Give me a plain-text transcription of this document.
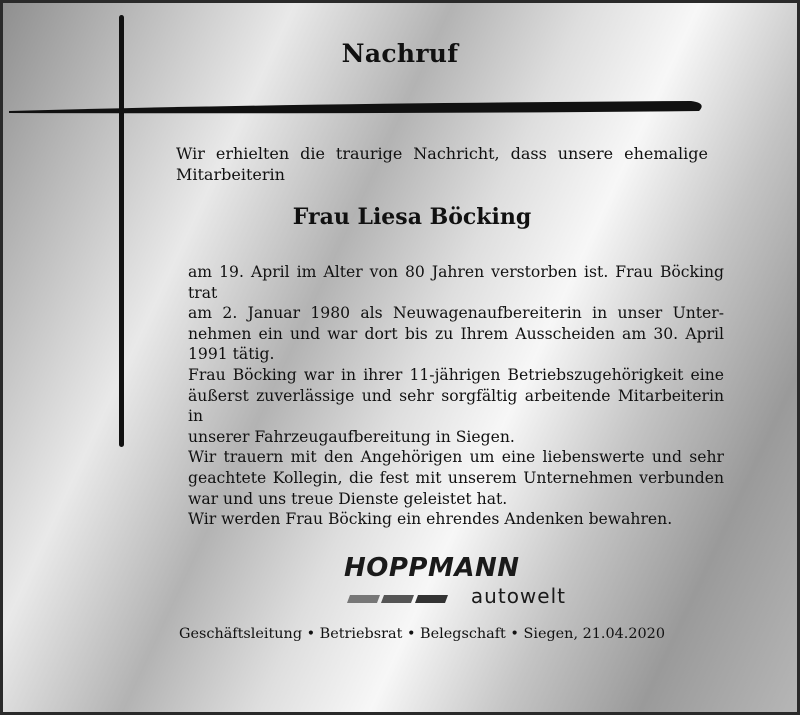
Nachruf
Wir erhielten die traurige Nachricht, dass unsere ehemalige
Mitarbeiterin
Frau Liesa Böcking
am 19. April im Alter von 80 Jahren verstorben ist. Frau Böcking trat
am 2. Januar 1980 als Neuwagenaufbereiterin in unser Unter-
nehmen ein und war dort bis zu Ihrem Ausscheiden am 30. April
1991 tätig.
Frau Böcking war in ihrer 11-jährigen Betriebszugehörigkeit eine
äußerst zuverlässige und sehr sorgfältig arbeitende Mitarbeiterin in
unserer Fahrzeugaufbereitung in Siegen.
Wir trauern mit den Angehörigen um eine liebenswerte und sehr
geachtete Kollegin, die fest mit unserem Unternehmen verbunden
war und uns treue Dienste geleistet hat.
Wir werden Frau Böcking ein ehrendes Andenken bewahren.
HOPPMANN
autowelt
Geschäftsleitung • Betriebsrat • Belegschaft • Siegen, 21.04.2020
